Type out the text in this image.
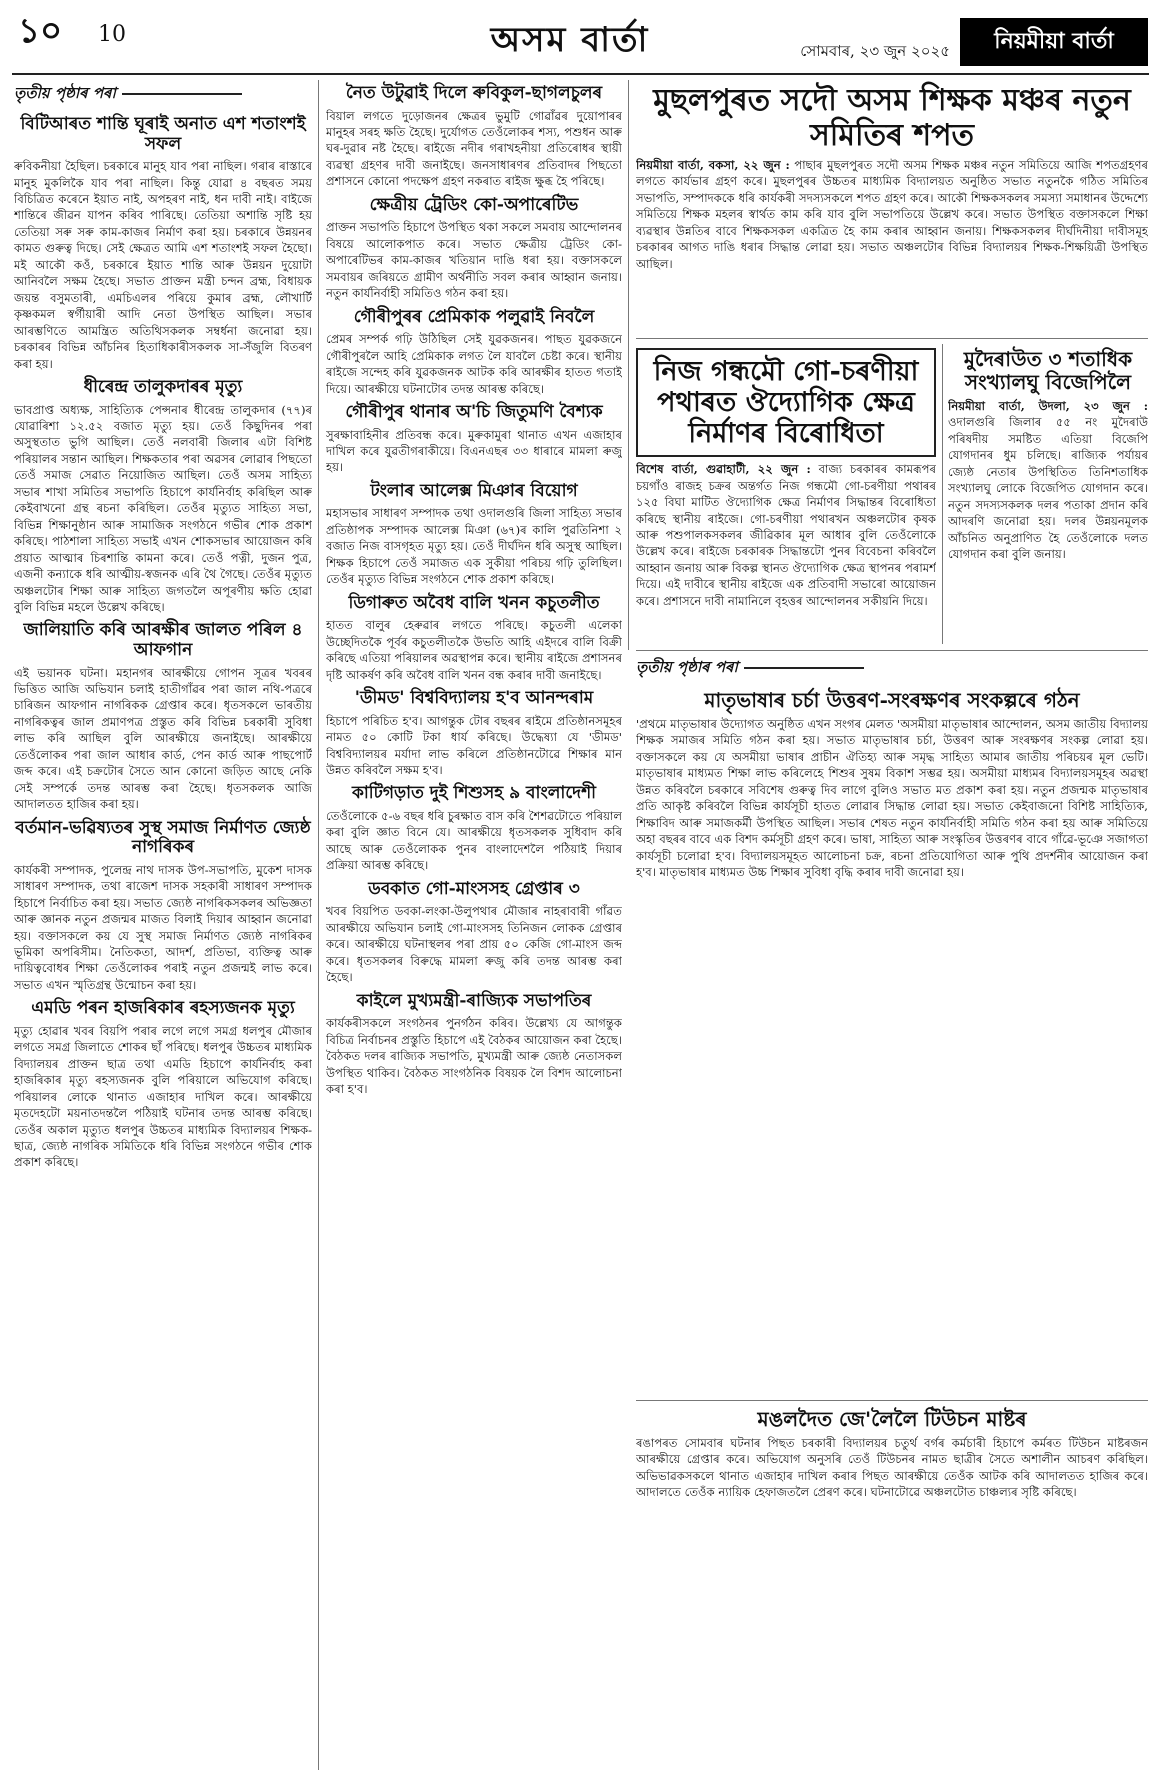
১০ 10	অসম বাৰ্তা	সোমবাৰ, ২৩ জুন ২০২৫	নিয়মীয়া বাৰ্তা
তৃতীয় পৃষ্ঠাৰ পৰা
বিটিআৰত শান্তি ঘূৰাই অনাত এশ শতাংশই সফল

ৰুবিকনীয়া হৈছিল। চৰকাৰে মানুহ যাব পৰা নাছিল। গৰাৰ ৰাস্তাৰে মানুহ মুকলিকৈ যাব পৰা নাছিল। কিন্তু যোৱা ৪ বছৰত সময় বিচিত্ৰিত কৰেনে ইয়াত নাই, অপহৰণ নাই, ধন দাবী নাই। বাইজে শান্তিৰে জীৱন যাপন কৰিব পাৰিছে। তেতিয়া অশান্তি সৃষ্টি হয় তেতিয়া সৰু সৰু কাম-কাজৰ নিৰ্মাণ কৰা হয়। চৰকাৰে উন্নয়নৰ কামত গুৰুত্ব দিছে। সেই ক্ষেত্ৰত আমি এশ শতাংশই সফল হৈছো। মই আকৌ কওঁ, চৰকাৰে ইয়াত শান্তি আৰু উন্নয়ন দুয়োটা আনিবলৈ সক্ষম হৈছে। সভাত প্ৰাক্তন মন্ত্ৰী চন্দন ব্ৰহ্ম, বিধায়ক জয়ন্ত বসুমতাৰী, এমচিএলৰ পৰিয়ে কুমাৰ ব্ৰহ্ম, লৌখাৰ্টি কৃষ্ণকমল স্বৰ্গীয়াৰী আদি নেতা উপস্থিত আছিল। সভাৰ আৰম্ভণিতে আমন্ত্ৰিত অতিথিসকলক সম্বৰ্ধনা জনোৱা হয়। চৰকাৰৰ বিভিন্ন আঁচনিৰ হিতাধিকাৰীসকলক সা-সঁজুলি বিতৰণ কৰা হয়।

ধীৰেন্দ্ৰ তালুকদাৰৰ মৃত্যু

ভাবপ্ৰাপ্ত অধ্যক্ষ, সাহিত্যিক পেন্সনাৰ ধীৰেন্দ্ৰ তালুকদাৰ (৭৭)ৰ যোৱাৰিশা ১২.৫২ বজাত মৃত্যু হয়। তেওঁ কিছুদিনৰ পৰা অসুস্থতাত ভুগি আছিল। তেওঁ নলবাৰী জিলাৰ এটা বিশিষ্ট পৰিয়ালৰ সন্তান আছিল। শিক্ষকতাৰ পৰা অৱসৰ লোৱাৰ পিছতো তেওঁ সমাজ সেৱাত নিয়োজিত আছিল। তেওঁ অসম সাহিত্য সভাৰ শাখা সমিতিৰ সভাপতি হিচাপে কাৰ্যনিৰ্বাহ কৰিছিল আৰু কেইবাখনো গ্ৰন্থ ৰচনা কৰিছিল। তেওঁৰ মৃত্যুত সাহিত্য সভা, বিভিন্ন শিক্ষানুষ্ঠান আৰু সামাজিক সংগঠনে গভীৰ শোক প্ৰকাশ কৰিছে। পাঠশালা সাহিত্য সভাই এখন শোকসভাৰ আয়োজন কৰি প্ৰয়াত আত্মাৰ চিৰশান্তি কামনা কৰে। তেওঁ পত্নী, দুজন পুত্ৰ, এজনী কন্যাকে ধৰি আত্মীয়-স্বজনক এৰি থৈ গৈছে। তেওঁৰ মৃত্যুত অঞ্চলটোৰ শিক্ষা আৰু সাহিত্য জগতলৈ অপূৰণীয় ক্ষতি হোৱা বুলি বিভিন্ন মহলে উল্লেখ কৰিছে।

জালিয়াতি কৰি আৰক্ষীৰ জালত পৰিল ৪ আফগান

এই ভয়ানক ঘটনা। মহানগৰ আৰক্ষীয়ে গোপন সূত্ৰৰ খবৰৰ ভিত্তিত আজি অভিযান চলাই হাতীগাঁৱৰ পৰা জাল নথি-পত্ৰৰে চাৰিজন আফগান নাগৰিকক গ্ৰেপ্তাৰ কৰে। ধৃতসকলে ভাৰতীয় নাগৰিকত্বৰ জাল প্ৰমাণপত্ৰ প্ৰস্তুত কৰি বিভিন্ন চৰকাৰী সুবিধা লাভ কৰি আছিল বুলি আৰক্ষীয়ে জনাইছে। আৰক্ষীয়ে তেওঁলোকৰ পৰা জাল আধাৰ কাৰ্ড, পেন কাৰ্ড আৰু পাছপোৰ্ট জব্দ কৰে। এই চক্ৰটোৰ সৈতে আন কোনো জড়িত আছে নেকি সেই সম্পৰ্কে তদন্ত আৰম্ভ কৰা হৈছে। ধৃতসকলক আজি আদালতত হাজিৰ কৰা হয়।

বৰ্তমান-ভৱিষ্যতৰ সুস্থ সমাজ নিৰ্মাণত জ্যেষ্ঠ নাগৰিকৰ

কাৰ্যকৰী সম্পাদক, পুলেন্দ্ৰ নাথ দাসক উপ-সভাপতি, মুকেশ দাসক সাধাৰণ সম্পাদক, তথা ৰাজেশ দাসক সহকাৰী সাধাৰণ সম্পাদক হিচাপে নিৰ্বাচিত কৰা হয়। সভাত জ্যেষ্ঠ নাগৰিকসকলৰ অভিজ্ঞতা আৰু জ্ঞানক নতুন প্ৰজন্মৰ মাজত বিলাই দিয়াৰ আহ্বান জনোৱা হয়। বক্তাসকলে কয় যে সুস্থ সমাজ নিৰ্মাণত জ্যেষ্ঠ নাগৰিকৰ ভূমিকা অপৰিসীম। নৈতিকতা, আদৰ্শ, প্ৰতিভা, ব্যক্তিত্ব আৰু দায়িত্ববোধৰ শিক্ষা তেওঁলোকৰ পৰাই নতুন প্ৰজন্মই লাভ কৰে। সভাত এখন স্মৃতিগ্ৰন্থ উন্মোচন কৰা হয়।

এমডি পৰন হাজৰিকাৰ ৰহস্যজনক মৃত্যু

মৃত্যু হোৱাৰ খবৰ বিয়পি পৰাৰ লগে লগে সমগ্ৰ ধলপুৰ মৌজাৰ লগতে সমগ্ৰ জিলাতে শোকৰ ছাঁ পৰিছে। ধলপুৰ উচ্চতৰ মাধ্যমিক বিদ্যালয়ৰ প্ৰাক্তন ছাত্ৰ তথা এমডি হিচাপে কাৰ্যনিৰ্বাহ কৰা হাজৰিকাৰ মৃত্যু ৰহস্যজনক বুলি পৰিয়ালে অভিযোগ কৰিছে। পৰিয়ালৰ লোকে থানাত এজাহাৰ দাখিল কৰে। আৰক্ষীয়ে মৃতদেহটো ময়নাতদন্তলৈ পঠিয়াই ঘটনাৰ তদন্ত আৰম্ভ কৰিছে। তেওঁৰ অকাল মৃত্যুত ধলপুৰ উচ্চতৰ মাধ্যমিক বিদ্যালয়ৰ শিক্ষক-ছাত্ৰ, জ্যেষ্ঠ নাগৰিক সমিতিকে ধৰি বিভিন্ন সংগঠনে গভীৰ শোক প্ৰকাশ কৰিছে।

নৈত উটুৱাই দিলে ৰুবিকুল-ছাগলচুলৰ

বিয়াল লগতে দুড়োজনৰ ক্ষেত্ৰৰ ভুমুটি গোৱাঁৱৰ দুয়োপাৰৰ মানুহৰ সৰহ ক্ষতি হৈছে। দুৰ্যোগত তেওঁলোকৰ শস্য, পশুধন আৰু ঘৰ-দুৱাৰ নষ্ট হৈছে। ৰাইজে নদীৰ গৰাখহনীয়া প্ৰতিৰোধৰ স্থায়ী ব্যৱস্থা গ্ৰহণৰ দাবী জনাইছে। জনসাধাৰণৰ প্ৰতিবাদৰ পিছতো প্ৰশাসনে কোনো পদক্ষেপ গ্ৰহণ নকৰাত ৰাইজ ক্ষুব্ধ হৈ পৰিছে।

ক্ষেত্ৰীয় ট্ৰেডিং কো-অপাৰেটিভ

প্ৰাক্তন সভাপতি হিচাপে উপস্থিত থকা সকলে সমবায় আন্দোলনৰ বিষয়ে আলোকপাত কৰে। সভাত ক্ষেত্ৰীয় ট্ৰেডিং কো-অপাৰেটিভৰ কাম-কাজৰ খতিয়ান দাঙি ধৰা হয়। বক্তাসকলে সমবায়ৰ জৰিয়তে গ্ৰামীণ অৰ্থনীতি সবল কৰাৰ আহ্বান জনায়। নতুন কাৰ্যনিৰ্বাহী সমিতিও গঠন কৰা হয়।

গৌৰীপুৰৰ প্ৰেমিকাক পলুৱাই নিবলৈ

প্ৰেমৰ সম্পৰ্ক গঢ়ি উঠিছিল সেই যুৱকজনৰ। পাছত যুৱকজনে গৌৰীপুৰলৈ আহি প্ৰেমিকাক লগত লৈ যাবলৈ চেষ্টা কৰে। স্থানীয় ৰাইজে সন্দেহ কৰি যুৱকজনক আটক কৰি আৰক্ষীৰ হাতত গতাই দিয়ে। আৰক্ষীয়ে ঘটনাটোৰ তদন্ত আৰম্ভ কৰিছে।

গৌৰীপুৰ থানাৰ অ'চি জিতুমণি বৈশ্যক

সুৰক্ষাবাহিনীৰ প্ৰতিবন্ধ কৰে। মুৰুকামুৰা থানাত এখন এজাহাৰ দাখিল কৰে যুৱতীগৰাকীয়ে। বিএনএছৰ ৩৩ ধাৰাৰে মামলা ৰুজু হয়।

টংলাৰ আলেক্স মিঞাৰ বিয়োগ

মহাসভাৰ সাধাৰণ সম্পাদক তথা ওদালগুৰি জিলা সাহিত্য সভাৰ প্ৰতিষ্ঠাপক সম্পাদক আলেক্স মিঞা (৬৭)ৰ কালি পুৱতিনিশা ২ বজাত নিজ বাসগৃহত মৃত্যু হয়। তেওঁ দীৰ্ঘদিন ধৰি অসুস্থ আছিল। শিক্ষক হিচাপে তেওঁ সমাজত এক সুকীয়া পৰিচয় গঢ়ি তুলিছিল। তেওঁৰ মৃত্যুত বিভিন্ন সংগঠনে শোক প্ৰকাশ কৰিছে।

ডিগাৰুত অবৈধ বালি খনন কচুতলীত

হাতত বালুৰ হেৰুৱাৰ লগতে পৰিছে। কচুতলী এলেকা উচ্ছেদিতকৈ পূৰ্বৰ কচুতলীতকৈ উভতি আহি এইদৰে বালি বিক্ৰী কৰিছে এতিয়া পৰিয়ালৰ অৱস্থাপন্ন কৰে। স্থানীয় ৰাইজে প্ৰশাসনৰ দৃষ্টি আকৰ্ষণ কৰি অবৈধ বালি খনন বন্ধ কৰাৰ দাবী জনাইছে।

'ডীমড' বিশ্ববিদ্যালয় হ'ব আনন্দৰাম

হিচাপে পৰিচিত হ'ব। আগন্তুক টোৰ বছৰৰ ৰাইমে প্ৰতিষ্ঠানসমূহৰ নামত ৫০ কোটি টকা ধাৰ্য কৰিছে। উদ্ধেষ্যা যে 'ডীমড' বিশ্ববিদ্যালয়ৰ মৰ্যাদা লাভ কৰিলে প্ৰতিষ্ঠানটোৱে শিক্ষাৰ মান উন্নত কৰিবলৈ সক্ষম হ'ব।

কাটিগড়াত দুই শিশুসহ ৯ বাংলাদেশী

তেওঁলোকে ৫-৬ বছৰ ধৰি চুৰক্ষাত বাস কৰি শৈশৱটোতে পৰিয়াল কৰা বুলি জ্ঞাত বিনে যে। আৰক্ষীয়ে ধৃতসকলক সুধিবাদ কৰি আছে আৰু তেওঁলোকক পুনৰ বাংলাদেশলৈ পঠিয়াই দিয়াৰ প্ৰক্ৰিয়া আৰম্ভ কৰিছে।

ডবকাত গো-মাংসসহ গ্ৰেপ্তাৰ ৩

খবৰ বিয়পিত ডবকা-লংকা-উলুপথাৰ মৌজাৰ নাহৰাবাৰী গাঁৱত আৰক্ষীয়ে অভিযান চলাই গো-মাংসসহ তিনিজন লোকক গ্ৰেপ্তাৰ কৰে। আৰক্ষীয়ে ঘটনাস্থলৰ পৰা প্ৰায় ৫০ কেজি গো-মাংস জব্দ কৰে। ধৃতসকলৰ বিৰুদ্ধে মামলা ৰুজু কৰি তদন্ত আৰম্ভ কৰা হৈছে।

কাইলে মুখ্যমন্ত্ৰী-ৰাজ্যিক সভাপতিৰ

কাৰ্যকৰীসকলে সংগঠনৰ পুনৰ্গঠন কৰিব। উল্লেখ্য যে আগন্তুক বিচিত্ৰ নিৰ্বাচনৰ প্ৰস্তুতি হিচাপে এই বৈঠকৰ আয়োজন কৰা হৈছে। বৈঠকত দলৰ ৰাজ্যিক সভাপতি, মুখ্যমন্ত্ৰী আৰু জ্যেষ্ঠ নেতাসকল উপস্থিত থাকিব। বৈঠকত সাংগঠনিক বিষয়ক লৈ বিশদ আলোচনা কৰা হ'ব।

মুছলপুৰত সদৌ অসম শিক্ষক মঞ্চৰ নতুন সমিতিৰ শপত

নিয়মীয়া বাৰ্তা, বকসা, ২২ জুন : পাছাৰ মুছলপুৰত সদৌ অসম শিক্ষক মঞ্চৰ নতুন সমিতিয়ে আজি শপতগ্ৰহণৰ লগতে কাৰ্যভাৰ গ্ৰহণ কৰে। মুছলপুৰৰ উচ্চতৰ মাধ্যমিক বিদ্যালয়ত অনুষ্ঠিত সভাত নতুনকৈ গঠিত সমিতিৰ সভাপতি, সম্পাদককে ধৰি কাৰ্যকৰী সদস্যসকলে শপত গ্ৰহণ কৰে। আকৌ শিক্ষকসকলৰ সমস্যা সমাধানৰ উদ্দেশ্যে সমিতিয়ে শিক্ষক মহলৰ স্বাৰ্থত কাম কৰি যাব বুলি সভাপতিয়ে উল্লেখ কৰে। সভাত উপস্থিত বক্তাসকলে শিক্ষা ব্যৱস্থাৰ উন্নতিৰ বাবে শিক্ষকসকল একত্ৰিত হৈ কাম কৰাৰ আহ্বান জনায়। শিক্ষকসকলৰ দীৰ্ঘদিনীয়া দাবীসমূহ চৰকাৰৰ আগত দাঙি ধৰাৰ সিদ্ধান্ত লোৱা হয়। সভাত অঞ্চলটোৰ বিভিন্ন বিদ্যালয়ৰ শিক্ষক-শিক্ষয়িত্ৰী উপস্থিত আছিল।

নিজ গন্ধমৌ গো-চৰণীয়া পথাৰত ঔদ্যোগিক ক্ষেত্ৰ নিৰ্মাণৰ বিৰোধিতা

বিশেষ বাৰ্তা, গুৱাহাটী, ২২ জুন : বাজ্য চৰকাৰৰ কামৰূপৰ চয়গাঁও ৰাজহ চক্ৰৰ অন্তৰ্গত নিজ গন্ধমৌ গো-চৰণীয়া পথাৰৰ ১২৫ বিঘা মাটিত ঔদ্যোগিক ক্ষেত্ৰ নিৰ্মাণৰ সিদ্ধান্তৰ বিৰোধিতা কৰিছে স্থানীয় ৰাইজে। গো-চৰণীয়া পথাৰখন অঞ্চলটোৰ কৃষক আৰু পশুপালকসকলৰ জীৱিকাৰ মূল আধাৰ বুলি তেওঁলোকে উল্লেখ কৰে। ৰাইজে চৰকাৰক সিদ্ধান্তটো পুনৰ বিবেচনা কৰিবলৈ আহ্বান জনায় আৰু বিকল্প স্থানত ঔদ্যোগিক ক্ষেত্ৰ স্থাপনৰ পৰামৰ্শ দিয়ে। এই দাবীৰে স্থানীয় ৰাইজে এক প্ৰতিবাদী সভাৰো আয়োজন কৰে। প্ৰশাসনে দাবী নামানিলে বৃহত্তৰ আন্দোলনৰ সকীয়নি দিয়ে।

মুদৈৰাউত ৩ শতাধিক সংখ্যালঘু বিজেপিলৈ

নিয়মীয়া বাৰ্তা, উদলা, ২৩ জুন : ওদালগুৰি জিলাৰ ৫৫ নং মুদৈৰাউ পৰিষদীয় সমষ্টিত এতিয়া বিজেপি যোগদানৰ ধুম চলিছে। ৰাজ্যিক পৰ্যায়ৰ জ্যেষ্ঠ নেতাৰ উপস্থিতিত তিনিশতাধিক সংখ্যালঘু লোকে বিজেপিত যোগদান কৰে। নতুন সদস্যসকলক দলৰ পতাকা প্ৰদান কৰি আদৰণি জনোৱা হয়। দলৰ উন্নয়নমূলক আঁচনিত অনুপ্ৰাণিত হৈ তেওঁলোকে দলত যোগদান কৰা বুলি জনায়।

তৃতীয় পৃষ্ঠাৰ পৰা
মাতৃভাষাৰ চৰ্চা উত্তৰণ-সংৰক্ষণৰ সংকল্পৰে গঠন

'প্ৰথমে মাতৃভাষাৰ উদ্যোগত অনুষ্ঠিত এখন সংগৰ মেলত 'অসমীয়া মাতৃভাষাৰ আন্দোলন, অসম জাতীয় বিদ্যালয় শিক্ষক সমাজৰ সমিতি গঠন কৰা হয়। সভাত মাতৃভাষাৰ চৰ্চা, উত্তৰণ আৰু সংৰক্ষণৰ সংকল্প লোৱা হয়। বক্তাসকলে কয় যে অসমীয়া ভাষাৰ প্ৰাচীন ঐতিহ্য আৰু সমৃদ্ধ সাহিত্য আমাৰ জাতীয় পৰিচয়ৰ মূল ভেটি। মাতৃভাষাৰ মাধ্যমত শিক্ষা লাভ কৰিলেহে শিশুৰ সুষম বিকাশ সম্ভৱ হয়। অসমীয়া মাধ্যমৰ বিদ্যালয়সমূহৰ অৱস্থা উন্নত কৰিবলৈ চৰকাৰে সবিশেষ গুৰুত্ব দিব লাগে বুলিও সভাত মত প্ৰকাশ কৰা হয়। নতুন প্ৰজন্মক মাতৃভাষাৰ প্ৰতি আকৃষ্ট কৰিবলৈ বিভিন্ন কাৰ্যসূচী হাতত লোৱাৰ সিদ্ধান্ত লোৱা হয়। সভাত কেইবাজনো বিশিষ্ট সাহিত্যিক, শিক্ষাবিদ আৰু সমাজকৰ্মী উপস্থিত আছিল। সভাৰ শেষত নতুন কাৰ্যনিৰ্বাহী সমিতি গঠন কৰা হয় আৰু সমিতিয়ে অহা বছৰৰ বাবে এক বিশদ কৰ্মসূচী গ্ৰহণ কৰে। ভাষা, সাহিত্য আৰু সংস্কৃতিৰ উত্তৰণৰ বাবে গাঁৱে-ভূঞে সজাগতা কাৰ্যসূচী চলোৱা হ'ব। বিদ্যালয়সমূহত আলোচনা চক্ৰ, ৰচনা প্ৰতিযোগিতা আৰু পুথি প্ৰদৰ্শনীৰ আয়োজন কৰা হ'ব। মাতৃভাষাৰ মাধ্যমত উচ্চ শিক্ষাৰ সুবিধা বৃদ্ধি কৰাৰ দাবী জনোৱা হয়।

মঙলদৈত জে'লৈলৈ টিউচন মাষ্টৰ

ৰঙাপৰত সোমবাৰ ঘটনাৰ পিছত চৰকাৰী বিদ্যালয়ৰ চতুৰ্থ বৰ্গৰ কৰ্মচাৰী হিচাপে কৰ্মৰত টিউচন মাষ্টৰজন আৰক্ষীয়ে গ্ৰেপ্তাৰ কৰে। অভিযোগ অনুসৰি তেওঁ টিউচনৰ নামত ছাত্ৰীৰ সৈতে অশালীন আচৰণ কৰিছিল। অভিভাৱকসকলে থানাত এজাহাৰ দাখিল কৰাৰ পিছত আৰক্ষীয়ে তেওঁক আটক কৰি আদালতত হাজিৰ কৰে। আদালতে তেওঁক ন্যায়িক হেফাজতলৈ প্ৰেৰণ কৰে। ঘটনাটোৱে অঞ্চলটোত চাঞ্চল্যৰ সৃষ্টি কৰিছে।
